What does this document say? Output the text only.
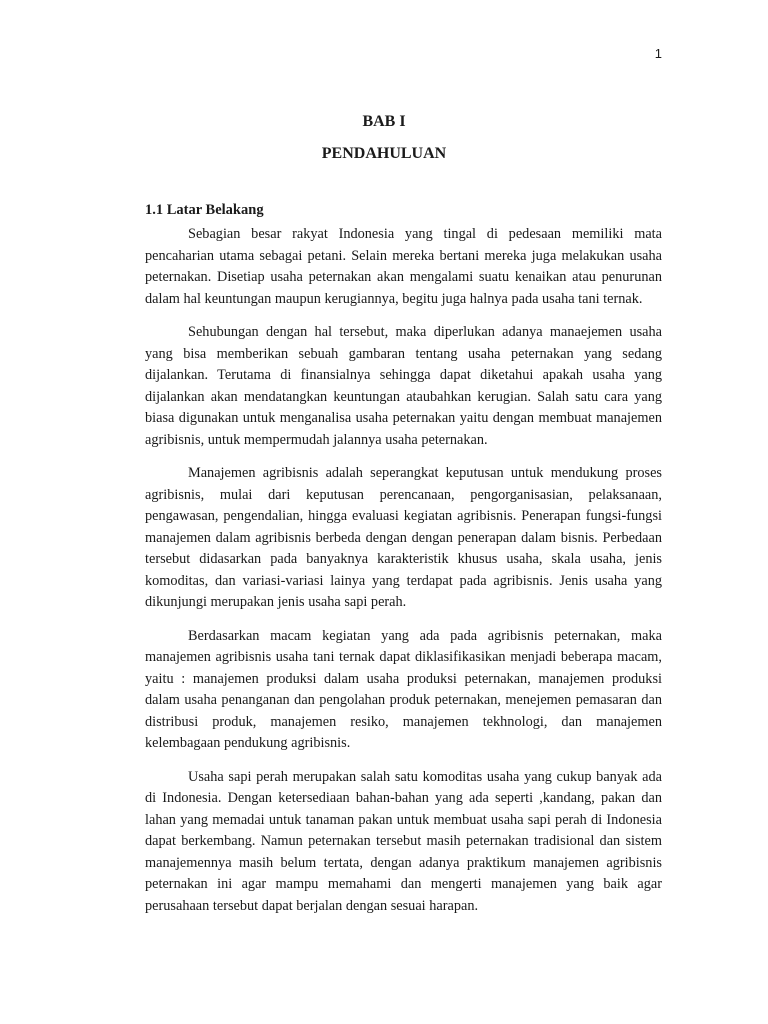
1
BAB I
PENDAHULUAN
1.1 Latar Belakang

Sebagian besar rakyat Indonesia yang tingal di pedesaan memiliki mata pencaharian utama sebagai petani. Selain mereka bertani mereka juga melakukan usaha peternakan. Disetiap usaha peternakan akan mengalami suatu kenaikan atau penurunan dalam hal keuntungan maupun kerugiannya, begitu juga halnya pada usaha tani ternak.

Sehubungan dengan hal tersebut, maka diperlukan adanya manaejemen usaha yang bisa memberikan sebuah gambaran tentang usaha peternakan yang sedang dijalankan. Terutama di finansialnya sehingga dapat diketahui apakah usaha yang dijalankan akan mendatangkan keuntungan ataubahkan kerugian. Salah satu cara yang biasa digunakan untuk menganalisa usaha peternakan yaitu dengan membuat manajemen agribisnis, untuk mempermudah jalannya usaha peternakan.

Manajemen agribisnis adalah seperangkat keputusan untuk mendukung proses agribisnis, mulai dari keputusan perencanaan, pengorganisasian, pelaksanaan, pengawasan, pengendalian, hingga evaluasi kegiatan agribisnis. Penerapan fungsi-fungsi manajemen dalam agribisnis berbeda dengan dengan penerapan dalam bisnis. Perbedaan tersebut didasarkan pada banyaknya karakteristik khusus usaha, skala usaha, jenis komoditas, dan variasi-variasi lainya yang terdapat pada agribisnis. Jenis usaha yang dikunjungi merupakan jenis usaha sapi perah.

Berdasarkan macam kegiatan yang ada pada agribisnis peternakan, maka manajemen agribisnis usaha tani ternak dapat diklasifikasikan menjadi beberapa macam, yaitu : manajemen produksi dalam usaha produksi peternakan, manajemen produksi dalam usaha penanganan dan pengolahan produk peternakan, menejemen pemasaran dan distribusi produk, manajemen resiko, manajemen tekhnologi, dan manajemen kelembagaan pendukung agribisnis.

Usaha sapi perah merupakan salah satu komoditas usaha yang cukup banyak ada di Indonesia. Dengan ketersediaan bahan-bahan yang ada seperti ,kandang, pakan dan lahan yang memadai untuk tanaman pakan untuk membuat usaha sapi perah di Indonesia dapat berkembang. Namun peternakan tersebut masih peternakan tradisional dan sistem manajemennya masih belum tertata, dengan adanya praktikum manajemen agribisnis peternakan ini agar mampu memahami dan mengerti manajemen yang baik agar perusahaan tersebut dapat berjalan dengan sesuai harapan.
